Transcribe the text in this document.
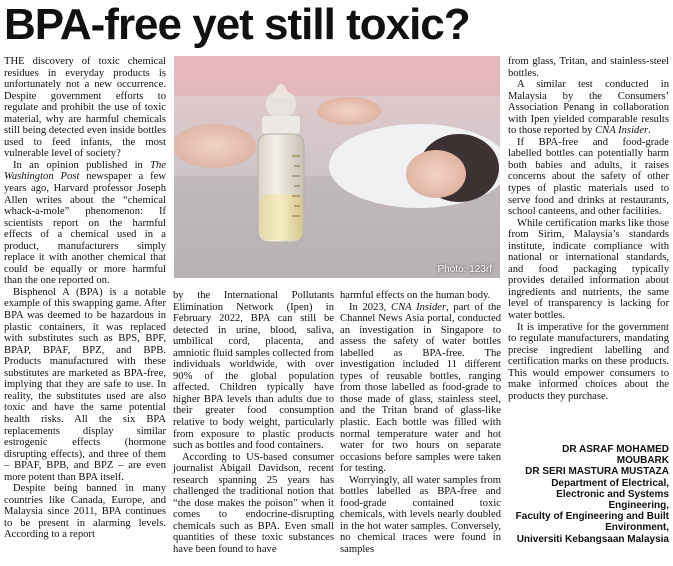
BPA-free yet still toxic?

THE discovery of toxic chemical residues in everyday products is unfortunately not a new occurrence. Despite government efforts to regulate and prohibit the use of toxic material, why are harmful chemicals still being detected even inside bottles used to feed infants, the most vulnerable level of society?

In an opinion published in The Washington Post newspaper a few years ago, Harvard professor Joseph Allen writes about the “chemical whack-a-mole” phenomenon: If scientists report on the harmful effects of a chemical used in a product, manufacturers simply replace it with another chemical that could be equally or more harmful than the one reported on.

Bisphenol A (BPA) is a notable example of this swapping game. After BPA was deemed to be hazardous in plastic containers, it was replaced with substitutes such as BPS, BPF, BPAP, BPAF, BPZ, and BPB. Products manufactured with these substitutes are marketed as BPA-free, implying that they are safe to use. In reality, the substitutes used are also toxic and have the same potential health risks. All the six BPA replacements display similar estrogenic effects (hormone disrupting effects), and three of them – BPAF, BPB, and BPZ – are even more potent than BPA itself.

Despite being banned in many countries like Canada, Europe, and Malaysia since 2011, BPA continues to be present in alarming levels. According to a report

Photo: 123rf

by the International Pollutants Elimination Network (Ipen) in February 2022, BPA can still be detected in urine, blood, saliva, umbilical cord, placenta, and amniotic fluid samples collected from individuals worldwide, with over 90% of the global population affected. Children typically have higher BPA levels than adults due to their greater food consumption relative to body weight, particularly from exposure to plastic products such as bottles and food containers.

According to US-based consumer journalist Abigail Davidson, recent research spanning 25 years has challenged the traditional notion that “the dose makes the poison” when it comes to endocrine-disrupting chemicals such as BPA. Even small quantities of these toxic substances have been found to have

harmful effects on the human body.

In 2023, CNA Insider, part of the Channel News Asia portal, conducted an investigation in Singapore to assess the safety of water bottles labelled as BPA-free. The investigation included 11 different types of reusable bottles, ranging from those labelled as food-grade to those made of glass, stainless steel, and the Tritan brand of glass-like plastic. Each bottle was filled with normal temperature water and hot water for two hours on separate occasions before samples were taken for testing.

Worryingly, all water samples from bottles labelled as BPA-free and food-grade contained toxic chemicals, with levels nearly doubled in the hot water samples. Conversely, no chemical traces were found in samples

from glass, Tritan, and stainless-steel bottles.

A similar test conducted in Malaysia by the Consumers’ Association Penang in collaboration with Ipen yielded comparable results to those reported by CNA Insider.

If BPA-free and food-grade labelled bottles can potentially harm both babies and adults, it raises concerns about the safety of other types of plastic materials used to serve food and drinks at restaurants, school canteens, and other facilities.

While certification marks like those from Sirim, Malaysia’s standards institute, indicate compliance with national or international standards, and food packaging typically provides detailed information about ingredients and nutrients, the same level of transparency is lacking for water bottles.

It is imperative for the government to regulate manufacturers, mandating precise ingredient labelling and certification marks on these products. This would empower consumers to make informed choices about the products they purchase.

DR ASRAF MOHAMED MOUBARK
DR SERI MASTURA MUSTAZA
Department of Electrical, Electronic and Systems Engineering,
Faculty of Engineering and Built Environment,
Universiti Kebangsaan Malaysia
